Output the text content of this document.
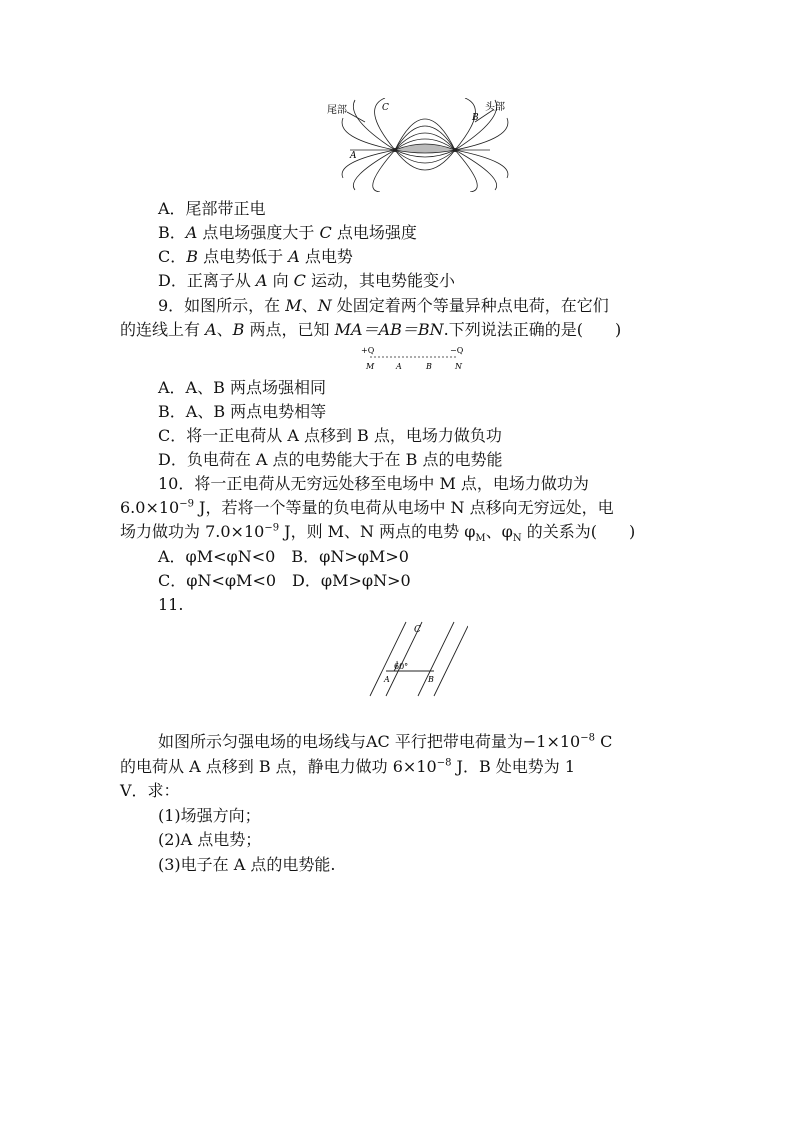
尾部	头部
C
B
A
A．尾部带正电
B．A 点电场强度大于 C 点电场强度
C．B 点电势低于 A 点电势
D．正离子从 A 向 C 运动，其电势能变小
9．如图所示，在 M、N 处固定着两个等量异种点电荷，在它们
的连线上有 A、B 两点，已知 MA＝AB＝BN.下列说法正确的是(　　)
+Q	−Q
M	A	B	N
A．A、B 两点场强相同
B．A、B 两点电势相等
C．将一正电荷从 A 点移到 B 点，电场力做负功
D．负电荷在 A 点的电势能大于在 B 点的电势能
10．将一正电荷从无穷远处移至电场中 M 点，电场力做功为
$6.0\times 10^{-9}$ J，若将一个等量的负电荷从电场中 N 点移向无穷远处，电
场力做功为 $7.0\times 10^{-9}$ J，则 M、N 两点的电势 $\varphi_M$、$\varphi_N$ 的关系为(　　)
A．φM<φN<0　 B．φN>φM>0
C．φN<φM<0　 D．φM>φN>0
11.
C
60°
A	B
如图所示匀强电场的电场线与AC 平行把带电荷量为$-1\times 10^{-8}$ C
的电荷从 A 点移到 B 点，静电力做功 $6\times 10^{-8}$ J．B 处电势为 1
V．求：
(1)场强方向；
(2)A 点电势；
(3)电子在 A 点的电势能.
